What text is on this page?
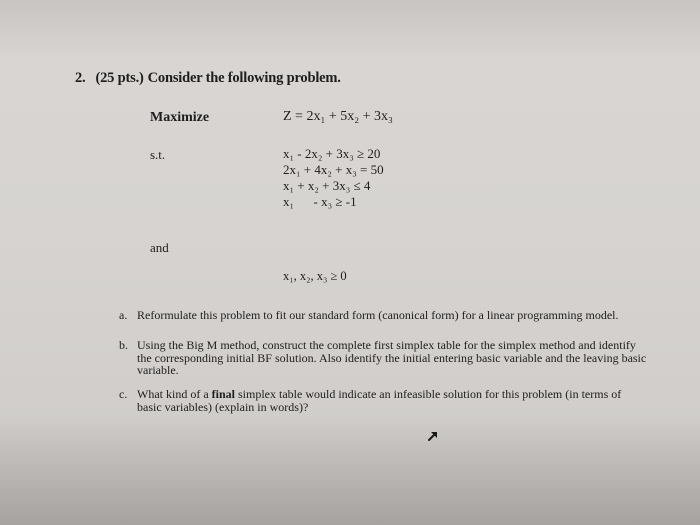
2. (25 pts.) Consider the following problem.
Maximize	Z = 2x₁ + 5x₂ + 3x₃
s.t.	x₁ - 2x₂ + 3x₃ ≥ 20
2x₁ + 4x₂ + x₃ = 50
x₁ + x₂ + 3x₃ ≤ 4
x₁      - x₃ ≥ -1
and
x₁, x₂, x₃ ≥ 0
a. Reformulate this problem to fit our standard form (canonical form) for a linear programming model.
b. Using the Big M method, construct the complete first simplex table for the simplex method and identify the corresponding initial BF solution. Also identify the initial entering basic variable and the leaving basic variable.
c. What kind of a final simplex table would indicate an infeasible solution for this problem (in terms of basic variables) (explain in words)?
